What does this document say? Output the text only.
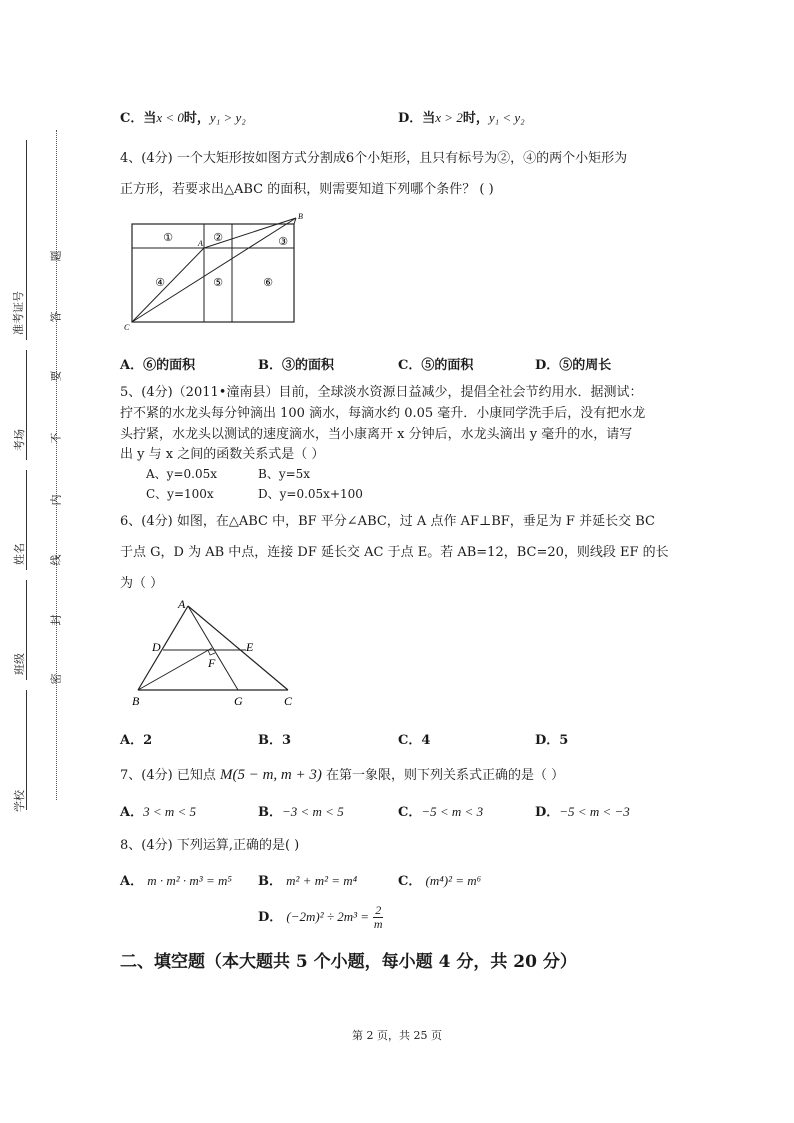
准考证号
考场
姓名
班级
学校
题
答
要
不
内
线
封
密
C．当x < 0时，y₁ > y₂	D．当x > 2时，y₁ < y₂
4、(4分) 一个大矩形按如图方式分割成6个小矩形，且只有标号为②，④的两个小矩形为
正方形，若要求出△ABC 的面积，则需要知道下列哪个条件？ ( )
①	②	③
④	⑤	⑥
A
B
C
A．⑥的面积	B．③的面积	C．⑤的面积	D．⑤的周长
5、(4分)（2011•潼南县）目前，全球淡水资源日益减少，提倡全社会节约用水．据测试：
拧不紧的水龙头每分钟滴出 100 滴水，每滴水约 0.05 毫升．小康同学洗手后，没有把水龙
头拧紧，水龙头以测试的速度滴水，当小康离开 x 分钟后，水龙头滴出 y 毫升的水，请写
出 y 与 x 之间的函数关系式是（ ）
A、y=0.05x	B、y=5x
C、y=100x	D、y=0.05x+100
6、(4分) 如图，在△ABC 中，BF 平分∠ABC，过 A 点作 AF⊥BF，垂足为 F 并延长交 BC
于点 G，D 为 AB 中点，连接 DF 延长交 AC 于点 E。若 AB=12，BC=20，则线段 EF 的长
为（ ）
A
D	E
F
B	G	C
A．2	B．3	C．4	D．5
7、(4分) 已知点 M(5 − m, m + 3) 在第一象限，则下列关系式正确的是（ ）
A．3 < m < 5	B．−3 < m < 5	C．−5 < m < 3	D．−5 < m < −3
8、(4分) 下列运算,正确的是( )
A． m · m² · m³ = m⁵ B． m² + m² = m⁴	C． (m⁴)² = m⁶
D． $(-2m)^2 \div 2m^3 = \frac{2}{m}$
二、填空题（本大题共 5 个小题，每小题 4 分，共 20 分）
第 2 页，共 25 页
